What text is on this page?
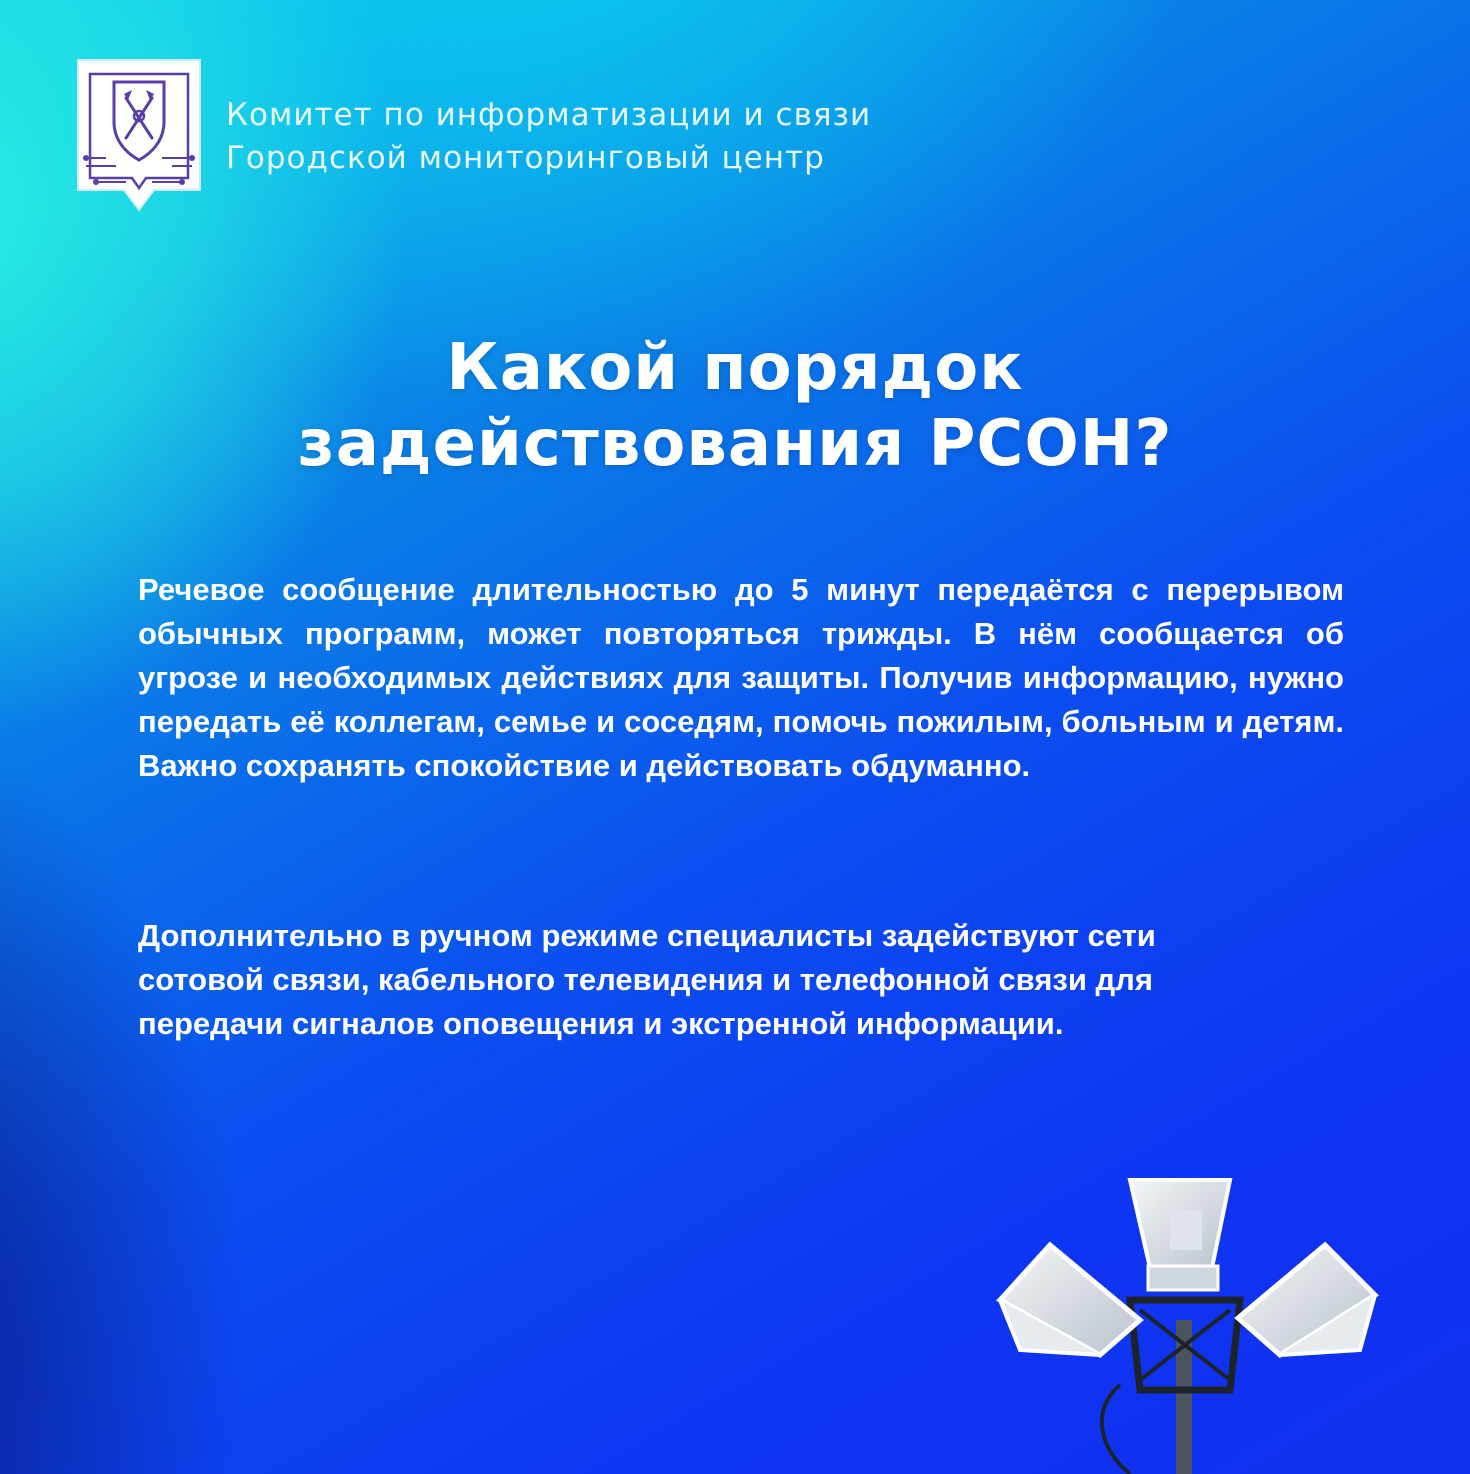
Комитет по информатизации и связи
Городской мониторинговый центр
Какой порядок
задействования РСОН?
Речевое сообщение длительностью до 5 минут передаётся с перерывом обычных программ, может повторяться трижды. В нём сообщается об угрозе и необходимых действиях для защиты. Получив информацию, нужно передать её коллегам, семье и соседям, помочь пожилым, больным и детям. Важно сохранять спокойствие и действовать обдуманно.
Дополнительно в ручном режиме специалисты задействуют сети сотовой связи, кабельного телевидения и телефонной связи для передачи сигналов оповещения и экстренной информации.
